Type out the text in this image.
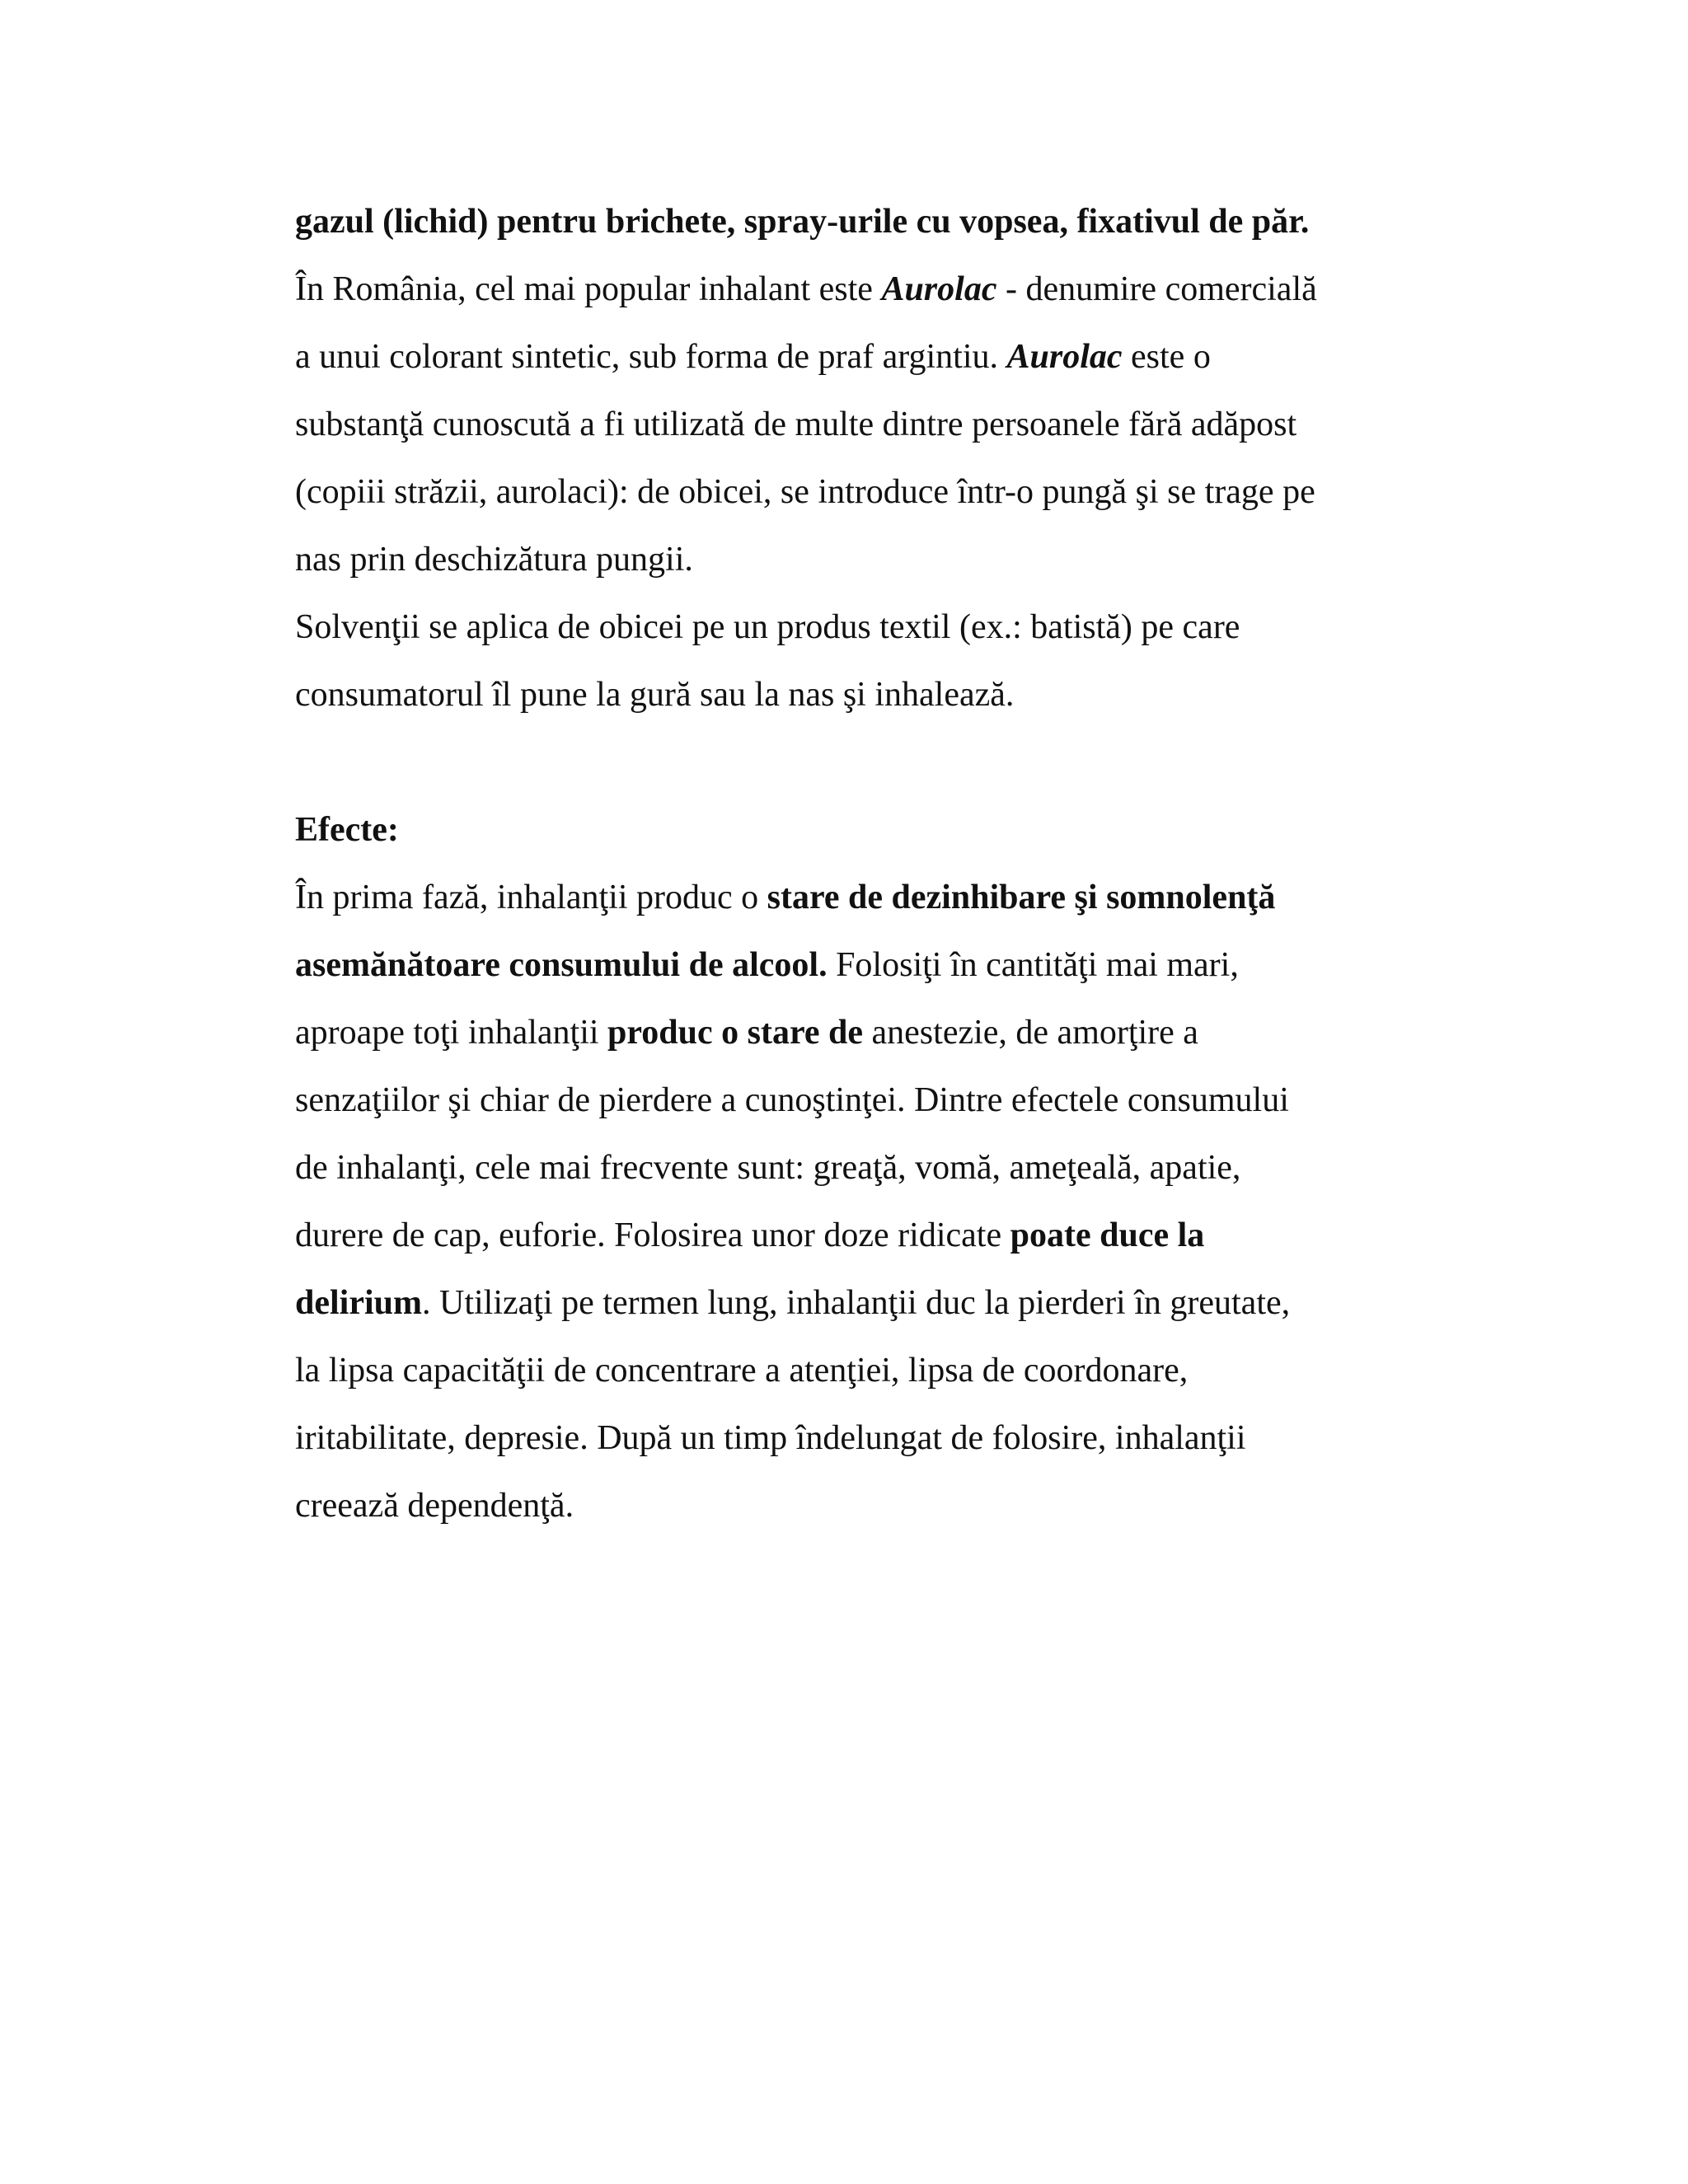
gazul (lichid) pentru brichete, spray-urile cu vopsea, fixativul de păr.
În România, cel mai popular inhalant este Aurolac - denumire comercială
a unui colorant sintetic, sub forma de praf argintiu. Aurolac este o
substanţă cunoscută a fi utilizată de multe dintre persoanele fără adăpost
(copiii străzii, aurolaci): de obicei, se introduce într-o pungă şi se trage pe
nas prin deschizătura pungii.
Solvenţii se aplica de obicei pe un produs textil (ex.: batistă) pe care
consumatorul îl pune la gură sau la nas şi inhalează.
Efecte:
În prima fază, inhalanţii produc o stare de dezinhibare şi somnolenţă
asemănătoare consumului de alcool. Folosiţi în cantităţi mai mari,
aproape toţi inhalanţii produc o stare de anestezie, de amorţire a
senzaţiilor şi chiar de pierdere a cunoştinţei. Dintre efectele consumului
de inhalanţi, cele mai frecvente sunt: greaţă, vomă, ameţeală, apatie,
durere de cap, euforie. Folosirea unor doze ridicate poate duce la
delirium. Utilizaţi pe termen lung, inhalanţii duc la pierderi în greutate,
la lipsa capacităţii de concentrare a atenţiei, lipsa de coordonare,
iritabilitate, depresie. După un timp îndelungat de folosire, inhalanţii
creează dependenţă.
